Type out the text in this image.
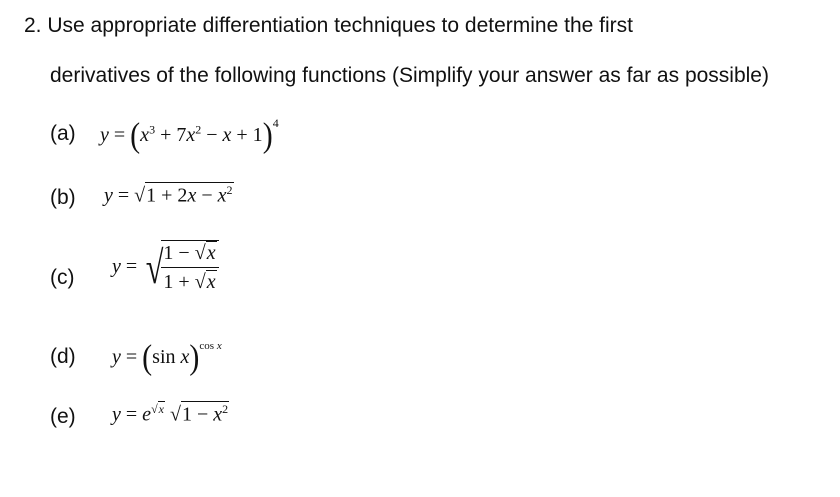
2. Use appropriate differentiation techniques to determine the first
derivatives of the following functions (Simplify your answer as far as possible)
(a) $y = (x^3 + 7x^2 - x + 1)^4$
(b) $y = √1 + 2x - x^2$
(c) y = √
$\frac{1 - √x}{1 + √x}$
(d) y = (sin x)$^{cos x}$
(e) $y = e^{√x}$ $√1 - x^2$
